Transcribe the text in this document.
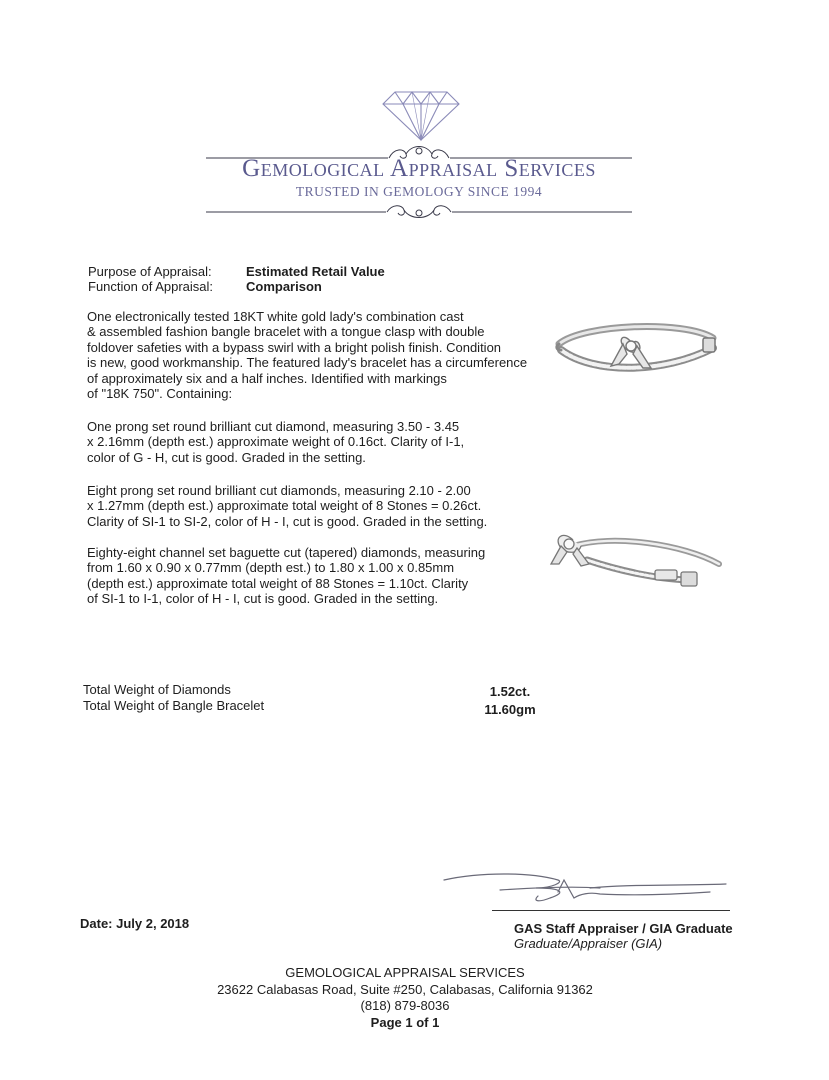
Gemological Appraisal Services
TRUSTED IN GEMOLOGY SINCE 1994
Purpose of Appraisal:	Estimated Retail Value
Function of Appraisal:	Comparison

One electronically tested 18KT white gold lady's combination cast
& assembled fashion bangle bracelet with a tongue clasp with double
foldover safeties with a bypass swirl with a bright polish finish. Condition
is new, good workmanship. The featured lady's bracelet has a circumference
of approximately six and a half inches. Identified with markings
of "18K 750". Containing:

One prong set round brilliant cut diamond, measuring 3.50 - 3.45
x 2.16mm (depth est.) approximate weight of 0.16ct. Clarity of I-1,
color of G - H, cut is good. Graded in the setting.

Eight prong set round brilliant cut diamonds, measuring 2.10 - 2.00
x 1.27mm (depth est.) approximate total weight of 8 Stones = 0.26ct.
Clarity of SI-1 to SI-2, color of H - I, cut is good. Graded in the setting.

Eighty-eight channel set baguette cut (tapered) diamonds, measuring
from 1.60 x 0.90 x 0.77mm (depth est.) to 1.80 x 1.00 x 0.85mm
(depth est.) approximate total weight of 88 Stones = 1.10ct. Clarity
of SI-1 to I-1, color of H - I, cut is good. Graded in the setting.

Total Weight of Diamonds	1.52ct.
Total Weight of Bangle Bracelet	11.60gm
Date: July 2, 2018	GAS Staff Appraiser / GIA Graduate
Graduate/Appraiser (GIA)
GEMOLOGICAL APPRAISAL SERVICES
23622 Calabasas Road, Suite #250, Calabasas, California 91362
(818) 879-8036
Page 1 of 1
